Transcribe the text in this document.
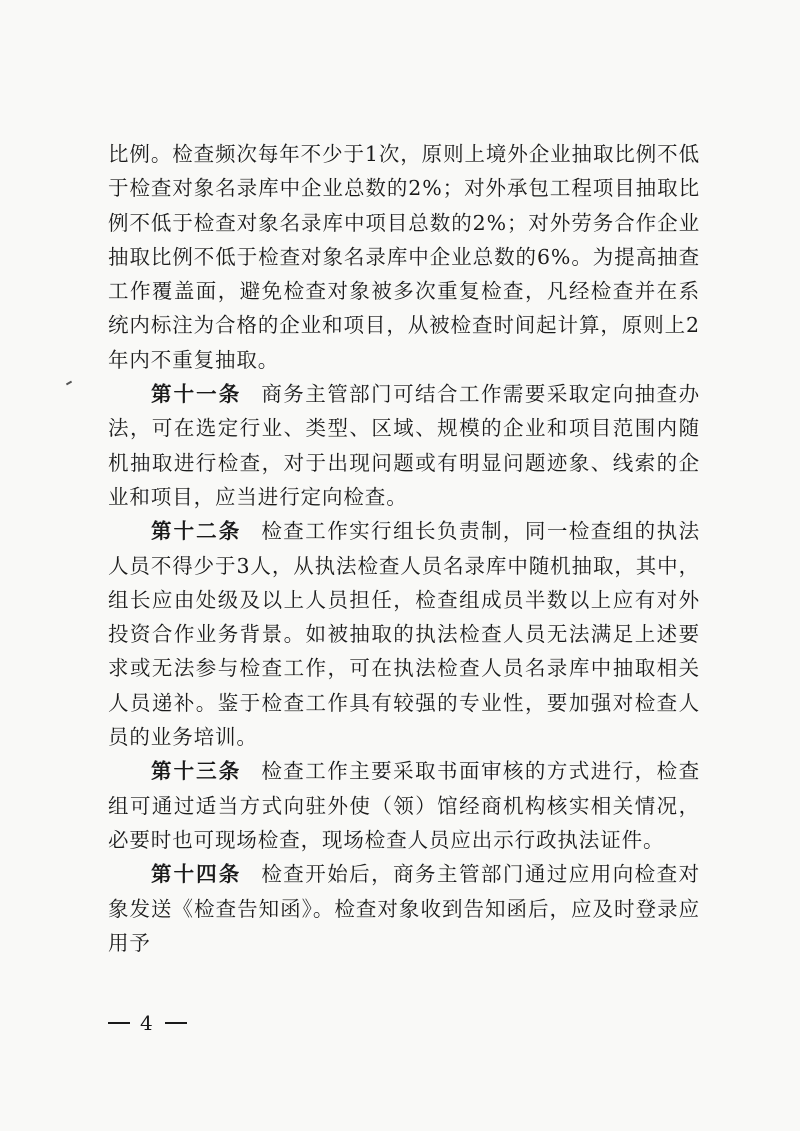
比例。检查频次每年不少于1次，原则上境外企业抽取比例不低于检查对象名录库中企业总数的2%；对外承包工程项目抽取比例不低于检查对象名录库中项目总数的2%；对外劳务合作企业抽取比例不低于检查对象名录库中企业总数的6%。为提高抽查工作覆盖面，避免检查对象被多次重复检查，凡经检查并在系统内标注为合格的企业和项目，从被检查时间起计算，原则上2年内不重复抽取。

第十一条 商务主管部门可结合工作需要采取定向抽查办法，可在选定行业、类型、区域、规模的企业和项目范围内随机抽取进行检查，对于出现问题或有明显问题迹象、线索的企业和项目，应当进行定向检查。

第十二条 检查工作实行组长负责制，同一检查组的执法人员不得少于3人，从执法检查人员名录库中随机抽取，其中，组长应由处级及以上人员担任，检查组成员半数以上应有对外投资合作业务背景。如被抽取的执法检查人员无法满足上述要求或无法参与检查工作，可在执法检查人员名录库中抽取相关人员递补。鉴于检查工作具有较强的专业性，要加强对检查人员的业务培训。

第十三条 检查工作主要采取书面审核的方式进行，检查组可通过适当方式向驻外使（领）馆经商机构核实相关情况，必要时也可现场检查，现场检查人员应出示行政执法证件。

第十四条 检查开始后，商务主管部门通过应用向检查对象发送《检查告知函》。检查对象收到告知函后，应及时登录应用予

4
